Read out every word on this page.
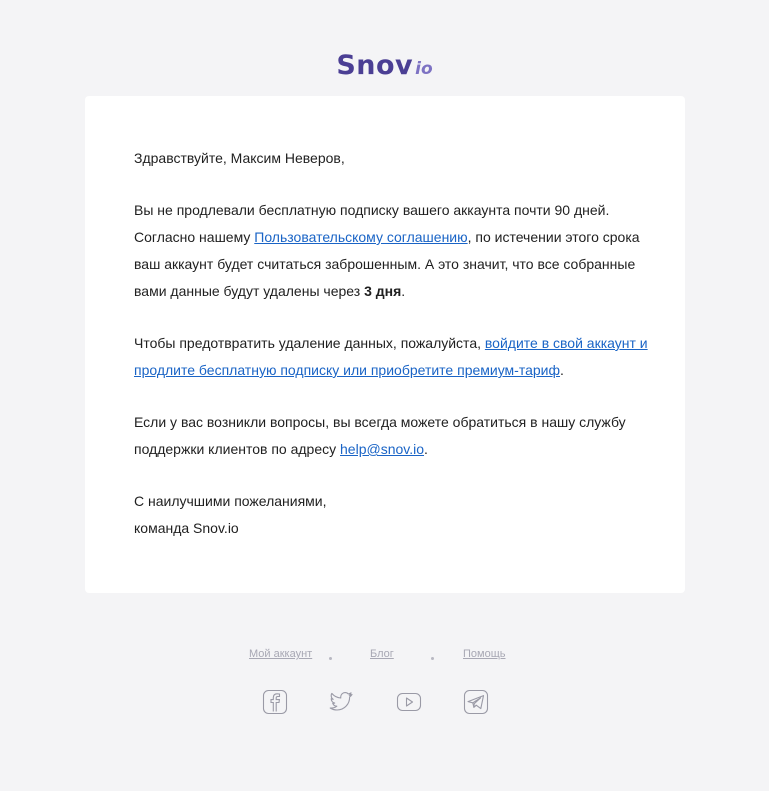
Snov io

Здравствуйте, Максим Неверов,

Вы не продлевали бесплатную подписку вашего аккаунта почти 90 дней. Согласно нашему Пользовательскому соглашению, по истечении этого срока ваш аккаунт будет считаться заброшенным. А это значит, что все собранные вами данные будут удалены через 3 дня.

Чтобы предотвратить удаление данных, пожалуйста, войдите в свой аккаунт и продлите бесплатную подписку или приобретите премиум-тариф.

Если у вас возникли вопросы, вы всегда можете обратиться в нашу службу поддержки клиентов по адресу help@snov.io.

С наилучшими пожеланиями,
команда Snov.io

Мой аккаунт	Блог	Помощь
